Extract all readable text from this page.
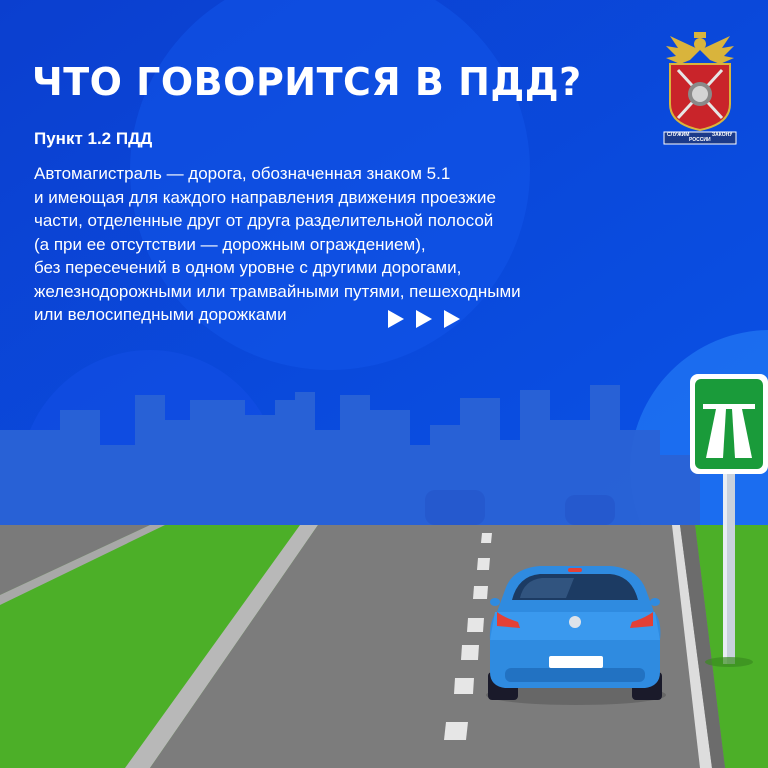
ЧТО ГОВОРИТСЯ В ПДД?
Пункт 1.2 ПДД
Автомагистраль — дорога, обозначенная знаком 5.1
и имеющая для каждого направления движения проезжие
части, отделенные друг от друга разделительной полосой
(а при ее отсутствии — дорожным ограждением),
без пересечений в одном уровне с другими дорогами,
железнодорожными или трамвайными путями, пешеходными
или велосипедными дорожками
СЛУЖИМ	ЗАКОНУ
РОССИИ
